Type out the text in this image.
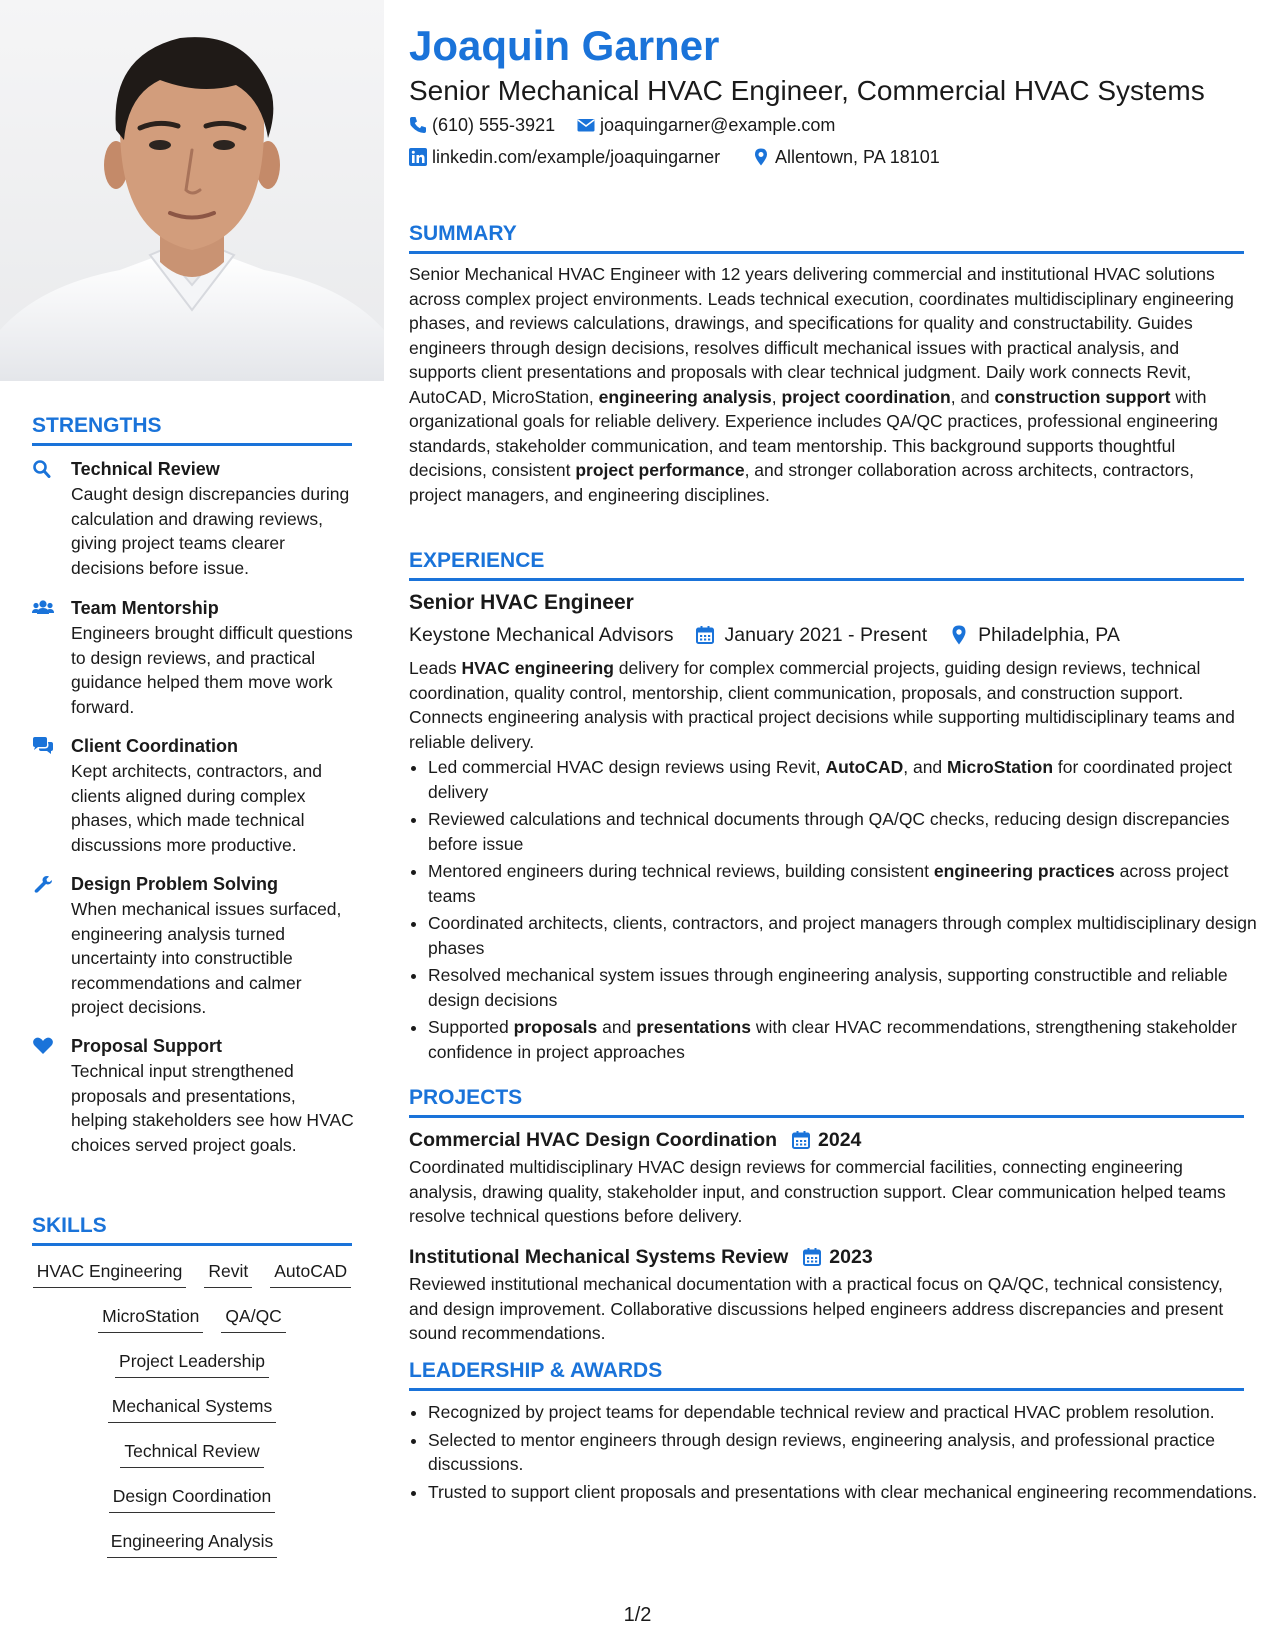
STRENGTHS
Technical Review
Caught design discrepancies during calculation and drawing reviews, giving project teams clearer decisions before issue.
Team Mentorship
Engineers brought difficult questions to design reviews, and practical guidance helped them move work forward.
Client Coordination
Kept architects, contractors, and clients aligned during complex phases, which made technical discussions more productive.
Design Problem Solving
When mechanical issues surfaced, engineering analysis turned uncertainty into constructible recommendations and calmer project decisions.
Proposal Support
Technical input strengthened proposals and presentations, helping stakeholders see how HVAC choices served project goals.
SKILLS
HVAC Engineering Revit AutoCAD
MicroStation QA/QC
Project Leadership
Mechanical Systems
Technical Review
Design Coordination
Engineering Analysis
Joaquin Garner
Senior Mechanical HVAC Engineer, Commercial HVAC Systems
(610) 555-3921 joaquingarner@example.com
linkedin.com/example/joaquingarner	Allentown, PA 18101
SUMMARY
Senior Mechanical HVAC Engineer with 12 years delivering commercial and institutional HVAC solutions across complex project environments. Leads technical execution, coordinates multidisciplinary engineering phases, and reviews calculations, drawings, and specifications for quality and constructability. Guides engineers through design decisions, resolves difficult mechanical issues with practical analysis, and supports client presentations and proposals with clear technical judgment. Daily work connects Revit, AutoCAD, MicroStation, engineering analysis, project coordination, and construction support with organizational goals for reliable delivery. Experience includes QA/QC practices, professional engineering standards, stakeholder communication, and team mentorship. This background supports thoughtful decisions, consistent project performance, and stronger collaboration across architects, contractors, project managers, and engineering disciplines.
EXPERIENCE
Senior HVAC Engineer
Keystone Mechanical Advisors	January 2021 - Present	Philadelphia, PA
Leads HVAC engineering delivery for complex commercial projects, guiding design reviews, technical coordination, quality control, mentorship, client communication, proposals, and construction support. Connects engineering analysis with practical project decisions while supporting multidisciplinary teams and reliable delivery.
• Led commercial HVAC design reviews using Revit, AutoCAD, and MicroStation for coordinated project delivery
• Reviewed calculations and technical documents through QA/QC checks, reducing design discrepancies before issue
• Mentored engineers during technical reviews, building consistent engineering practices across project teams
• Coordinated architects, clients, contractors, and project managers through complex multidisciplinary design phases
• Resolved mechanical system issues through engineering analysis, supporting constructible and reliable design decisions
• Supported proposals and presentations with clear HVAC recommendations, strengthening stakeholder confidence in project approaches
PROJECTS
Commercial HVAC Design Coordination 2024
Coordinated multidisciplinary HVAC design reviews for commercial facilities, connecting engineering analysis, drawing quality, stakeholder input, and construction support. Clear communication helped teams resolve technical questions before delivery.
Institutional Mechanical Systems Review 2023
Reviewed institutional mechanical documentation with a practical focus on QA/QC, technical consistency, and design improvement. Collaborative discussions helped engineers address discrepancies and present sound recommendations.
LEADERSHIP & AWARDS
• Recognized by project teams for dependable technical review and practical HVAC problem resolution.
• Selected to mentor engineers through design reviews, engineering analysis, and professional practice discussions.
• Trusted to support client proposals and presentations with clear mechanical engineering recommendations.
1/2
